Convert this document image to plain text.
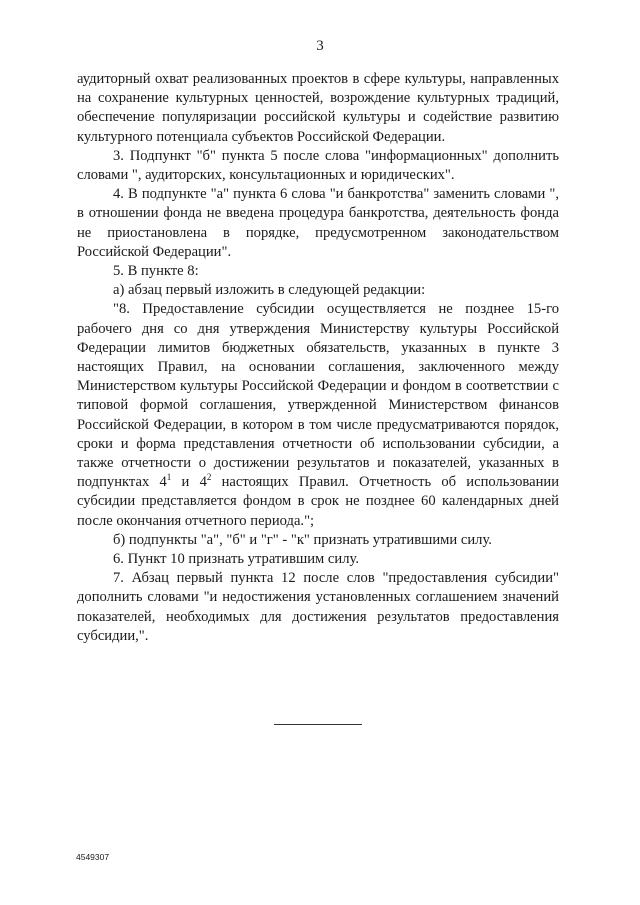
3

аудиторный охват реализованных проектов в сфере культуры, направленных на сохранение культурных ценностей, возрождение культурных традиций, обеспечение популяризации российской культуры и содействие развитию культурного потенциала субъектов Российской Федерации.

3. Подпункт "б" пункта 5 после слова "информационных" дополнить словами ", аудиторских, консультационных и юридических".

4. В подпункте "а" пункта 6 слова "и банкротства" заменить словами ", в отношении фонда не введена процедура банкротства, деятельность фонда не приостановлена в порядке, предусмотренном законодательством Российской Федерации".

5. В пункте 8:

а) абзац первый изложить в следующей редакции:

"8. Предоставление субсидии осуществляется не позднее 15-го рабочего дня со дня утверждения Министерству культуры Российской Федерации лимитов бюджетных обязательств, указанных в пункте 3 настоящих Правил, на основании соглашения, заключенного между Министерством культуры Российской Федерации и фондом в соответствии с типовой формой соглашения, утвержденной Министерством финансов Российской Федерации, в котором в том числе предусматриваются порядок, сроки и форма представления отчетности об использовании субсидии, а также отчетности о достижении результатов и показателей, указанных в подпунктах $4^1$ и $4^2$ настоящих Правил. Отчетность об использовании субсидии представляется фондом в срок не позднее 60 календарных дней после окончания отчетного периода.";

б) подпункты "а", "б" и "г" - "к" признать утратившими силу.

6. Пункт 10 признать утратившим силу.

7. Абзац первый пункта 12 после слов "предоставления субсидии" дополнить словами "и недостижения установленных соглашением значений показателей, необходимых для достижения результатов предоставления субсидии,".

4549307
